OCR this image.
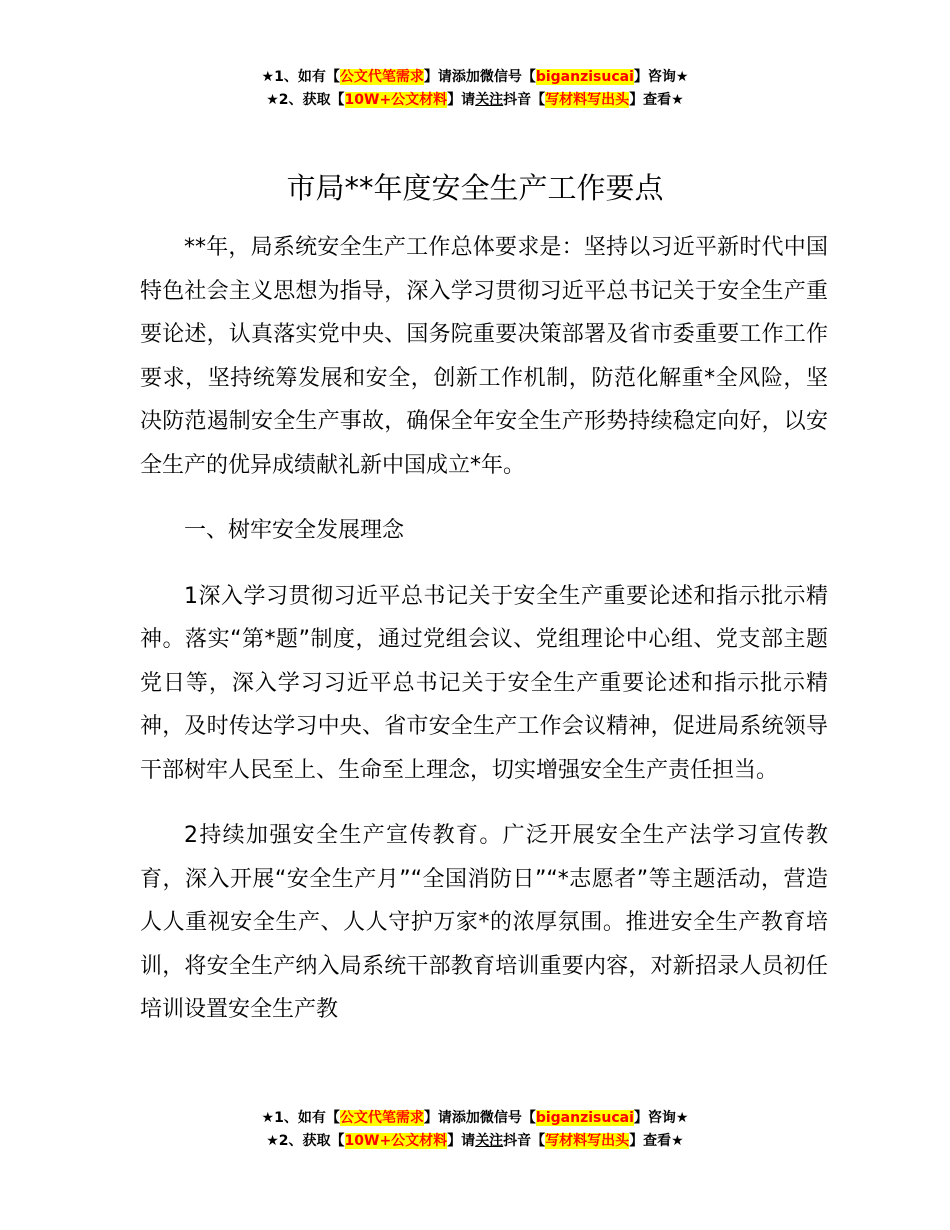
★1、如有【公文代笔需求】请添加微信号【biganzisucai】咨询★
★2、获取【10W+公文材料】请关注抖音【写材料写出头】查看★
市局**年度安全生产工作要点

**年，局系统安全生产工作总体要求是：坚持以习近平新时代中国特色社会主义思想为指导，深入学习贯彻习近平总书记关于安全生产重要论述，认真落实党中央、国务院重要决策部署及省市委重要工作工作要求，坚持统筹发展和安全，创新工作机制，防范化解重*全风险，坚决防范遏制安全生产事故，确保全年安全生产形势持续稳定向好，以安全生产的优异成绩献礼新中国成立*年。

一、树牢安全发展理念

1深入学习贯彻习近平总书记关于安全生产重要论述和指示批示精神。落实“第*题”制度，通过党组会议、党组理论中心组、党支部主题党日等，深入学习习近平总书记关于安全生产重要论述和指示批示精神，及时传达学习中央、省市安全生产工作会议精神，促进局系统领导干部树牢人民至上、生命至上理念，切实增强安全生产责任担当。

2持续加强安全生产宣传教育。广泛开展安全生产法学习宣传教育，深入开展“安全生产月”“全国消防日”“*志愿者”等主题活动，营造人人重视安全生产、人人守护万家*的浓厚氛围。推进安全生产教育培训，将安全生产纳入局系统干部教育培训重要内容，对新招录人员初任培训设置安全生产教

★1、如有【公文代笔需求】请添加微信号【biganzisucai】咨询★
★2、获取【10W+公文材料】请关注抖音【写材料写出头】查看★
